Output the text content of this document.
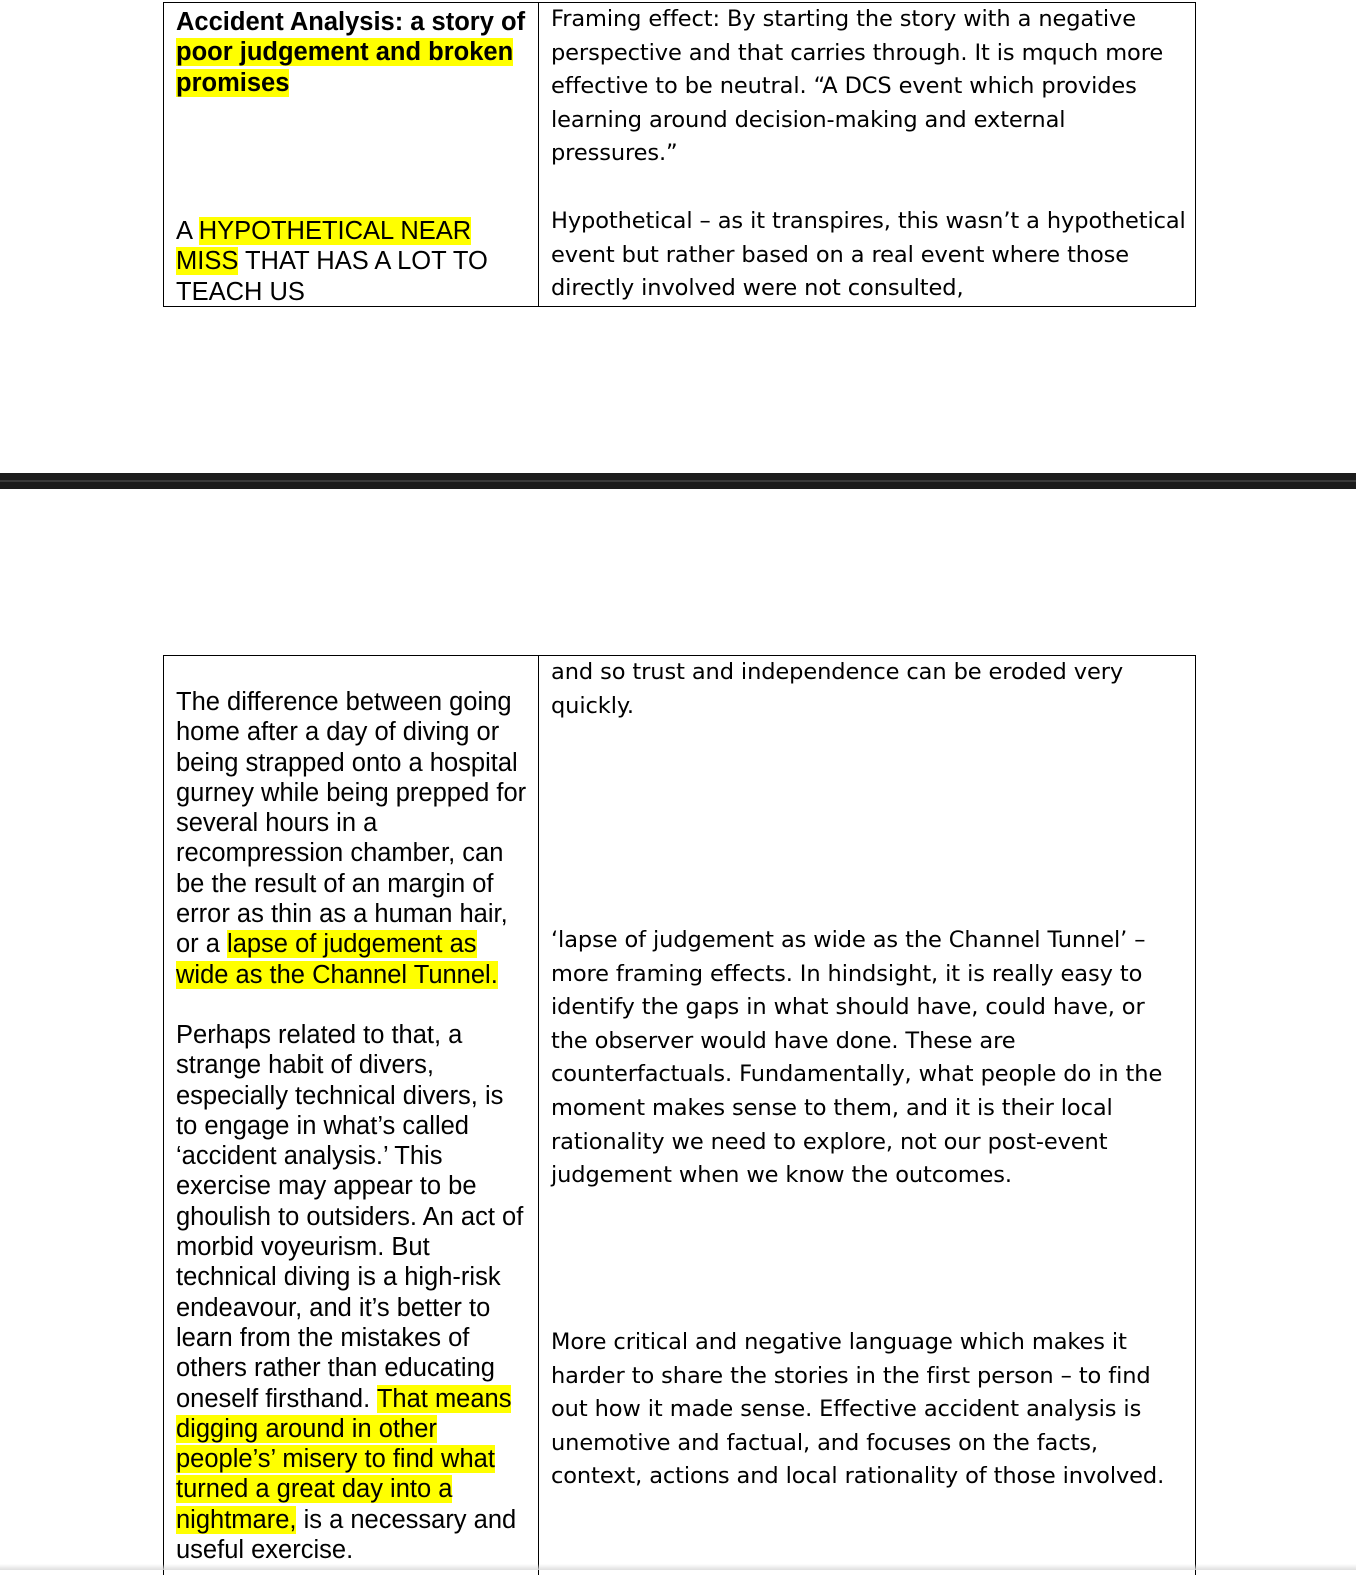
Accident Analysis: a story of poor judgement and broken promises

A HYPOTHETICAL NEAR MISS THAT HAS A LOT TO TEACH US

Framing effect: By starting the story with a negative perspective and that carries through. It is mquch more effective to be neutral. “A DCS event which provides learning around decision-making and external pressures.”

Hypothetical – as it transpires, this wasn’t a hypothetical event but rather based on a real event where those directly involved were not consulted,

The difference between going home after a day of diving or being strapped onto a hospital gurney while being prepped for several hours in a recompression chamber, can be the result of an margin of error as thin as a human hair, or a lapse of judgement as wide as the Channel Tunnel.

Perhaps related to that, a strange habit of divers, especially technical divers, is to engage in what’s called ‘accident analysis.’ This exercise may appear to be ghoulish to outsiders. An act of morbid voyeurism. But technical diving is a high-risk endeavour, and it’s better to learn from the mistakes of others rather than educating oneself firsthand. That means digging around in other people’s’ misery to find what turned a great day into a nightmare, is a necessary and useful exercise.

and so trust and independence can be eroded very quickly.

‘lapse of judgement as wide as the Channel Tunnel’ – more framing effects. In hindsight, it is really easy to identify the gaps in what should have, could have, or the observer would have done. These are counterfactuals. Fundamentally, what people do in the moment makes sense to them, and it is their local rationality we need to explore, not our post-event judgement when we know the outcomes.

More critical and negative language which makes it harder to share the stories in the first person – to find out how it made sense. Effective accident analysis is unemotive and factual, and focuses on the facts, context, actions and local rationality of those involved.
